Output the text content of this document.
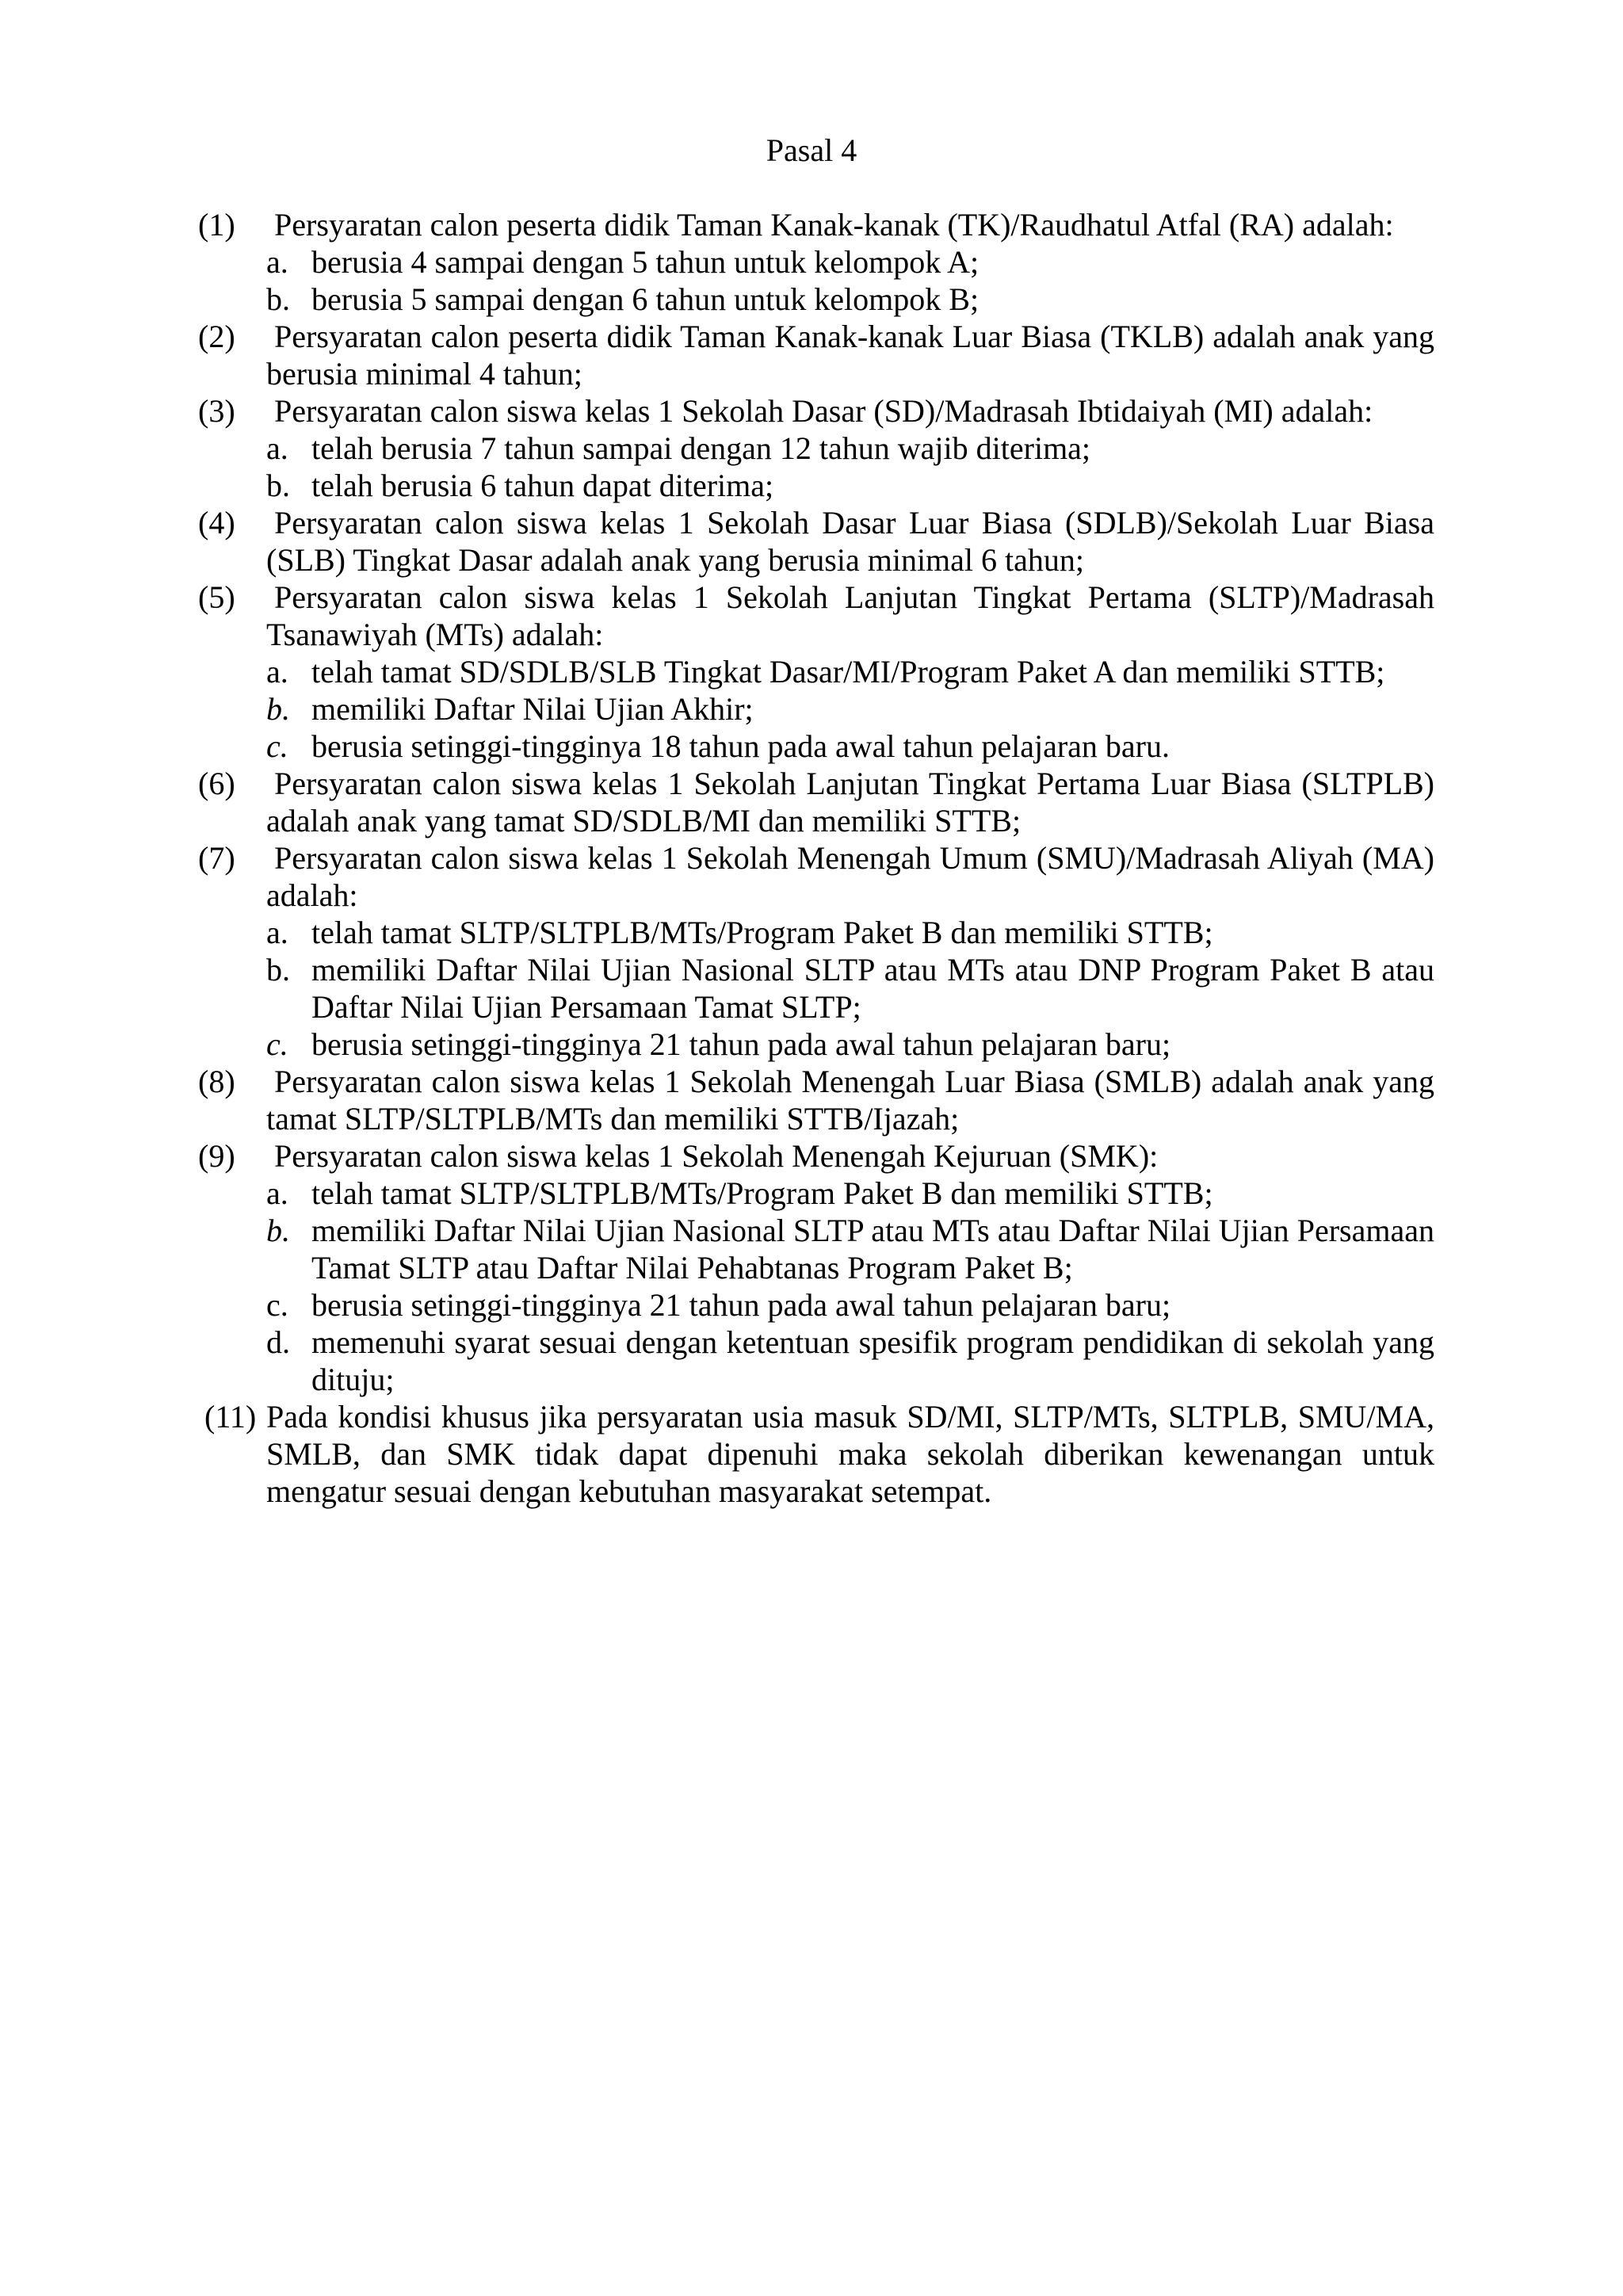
Pasal 4
(1) Persyaratan calon peserta didik Taman Kanak-kanak (TK)/Raudhatul Atfal (RA) adalah:
a. berusia 4 sampai dengan 5 tahun untuk kelompok A;
b. berusia 5 sampai dengan 6 tahun untuk kelompok B;
(2) Persyaratan calon peserta didik Taman Kanak-kanak Luar Biasa (TKLB) adalah anak yang berusia minimal 4 tahun;
(3) Persyaratan calon siswa kelas 1 Sekolah Dasar (SD)/Madrasah Ibtidaiyah (MI) adalah:
a. telah berusia 7 tahun sampai dengan 12 tahun wajib diterima;
b. telah berusia 6 tahun dapat diterima;
(4) Persyaratan calon siswa kelas 1 Sekolah Dasar Luar Biasa (SDLB)/Sekolah Luar Biasa (SLB) Tingkat Dasar adalah anak yang berusia minimal 6 tahun;
(5) Persyaratan calon siswa kelas 1 Sekolah Lanjutan Tingkat Pertama (SLTP)/Madrasah Tsanawiyah (MTs) adalah:
a. telah tamat SD/SDLB/SLB Tingkat Dasar/MI/Program Paket A dan memiliki STTB;
b. memiliki Daftar Nilai Ujian Akhir;
c. berusia setinggi-tingginya 18 tahun pada awal tahun pelajaran baru.
(6) Persyaratan calon siswa kelas 1 Sekolah Lanjutan Tingkat Pertama Luar Biasa (SLTPLB) adalah anak yang tamat SD/SDLB/MI dan memiliki STTB;
(7) Persyaratan calon siswa kelas 1 Sekolah Menengah Umum (SMU)/Madrasah Aliyah (MA) adalah:
a. telah tamat SLTP/SLTPLB/MTs/Program Paket B dan memiliki STTB;
b. memiliki Daftar Nilai Ujian Nasional SLTP atau MTs atau DNP Program Paket B atau Daftar Nilai Ujian Persamaan Tamat SLTP;
c. berusia setinggi-tingginya 21 tahun pada awal tahun pelajaran baru;
(8) Persyaratan calon siswa kelas 1 Sekolah Menengah Luar Biasa (SMLB) adalah anak yang tamat SLTP/SLTPLB/MTs dan memiliki STTB/Ijazah;
(9) Persyaratan calon siswa kelas 1 Sekolah Menengah Kejuruan (SMK):
a. telah tamat SLTP/SLTPLB/MTs/Program Paket B dan memiliki STTB;
b. memiliki Daftar Nilai Ujian Nasional SLTP atau MTs atau Daftar Nilai Ujian Persamaan Tamat SLTP atau Daftar Nilai Pehabtanas Program Paket B;
c. berusia setinggi-tingginya 21 tahun pada awal tahun pelajaran baru;
d. memenuhi syarat sesuai dengan ketentuan spesifik program pendidikan di sekolah yang dituju;
(11) Pada kondisi khusus jika persyaratan usia masuk SD/MI, SLTP/MTs, SLTPLB, SMU/MA, SMLB, dan SMK tidak dapat dipenuhi maka sekolah diberikan kewenangan untuk mengatur sesuai dengan kebutuhan masyarakat setempat.
